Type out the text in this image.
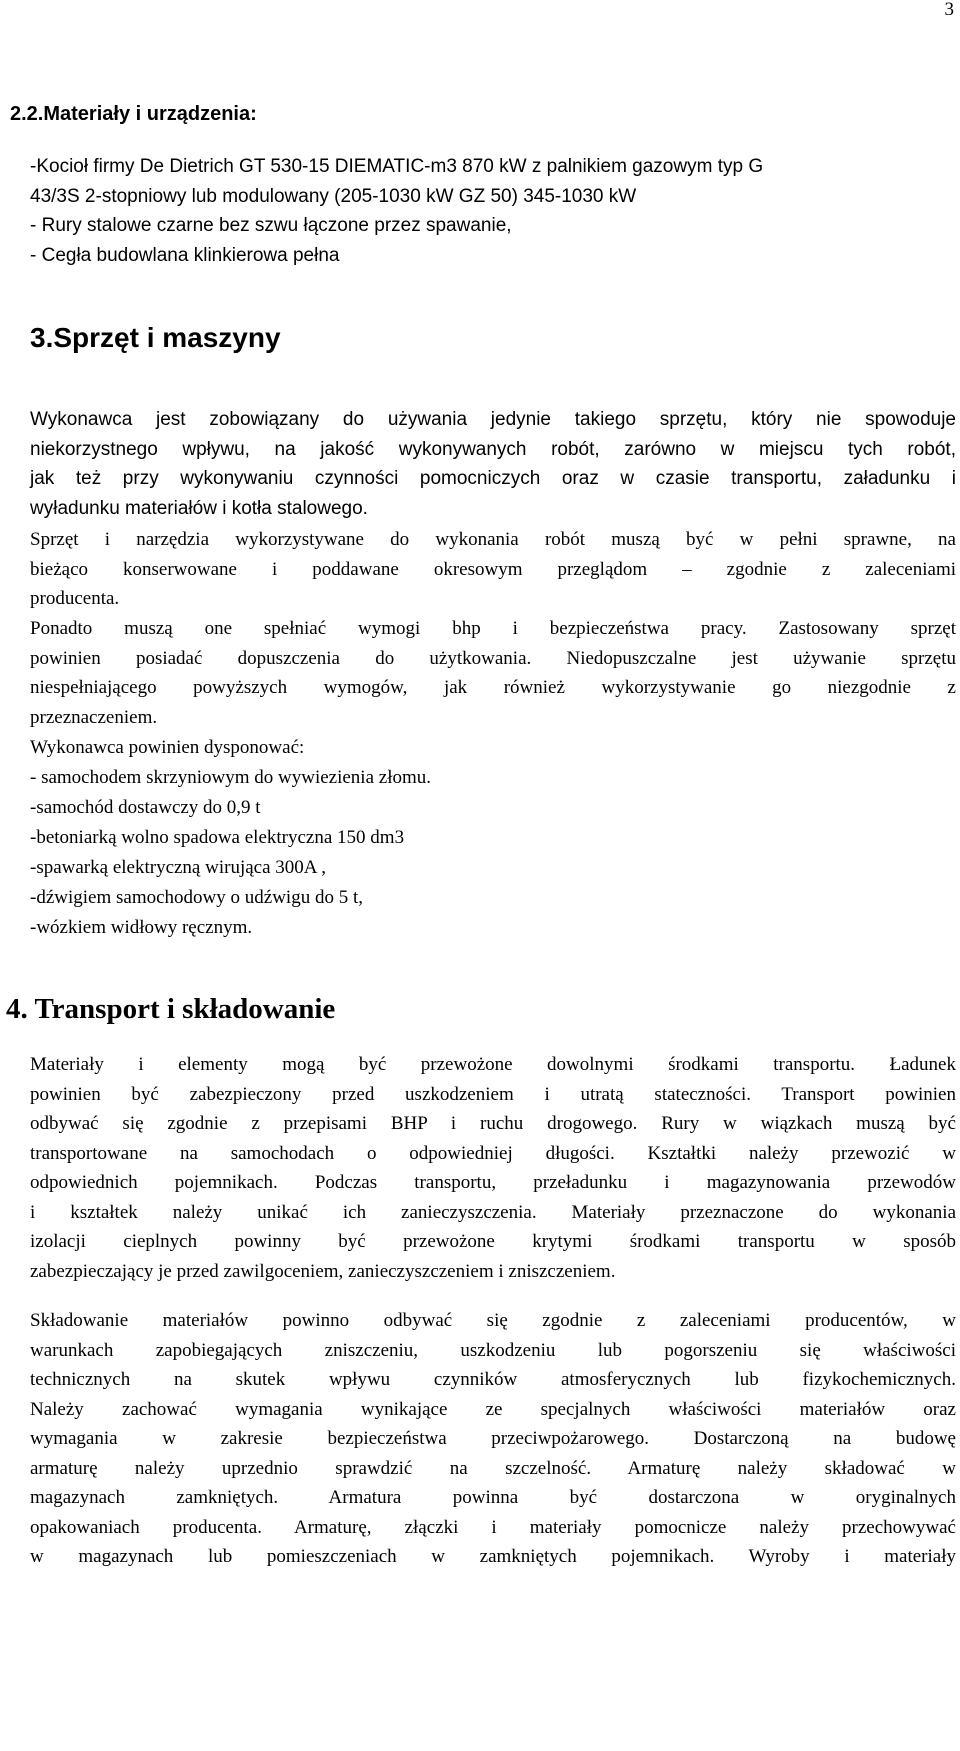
3
2.2.Materiały i urządzenia:
-Kocioł firmy De Dietrich GT 530-15 DIEMATIC-m3 870 kW z palnikiem gazowym typ G
43/3S 2-stopniowy lub modulowany (205-1030 kW GZ 50) 345-1030 kW
- Rury stalowe czarne bez szwu łączone przez spawanie,
- Cegła budowlana klinkierowa pełna
3.Sprzęt i maszyny
Wykonawca jest zobowiązany do używania jedynie takiego sprzętu, który nie spowoduje
niekorzystnego wpływu, na jakość wykonywanych robót, zarówno w miejscu tych robót,
jak też przy wykonywaniu czynności pomocniczych oraz w czasie transportu, załadunku i
wyładunku materiałów i kotła stalowego.
Sprzęt i narzędzia wykorzystywane do wykonania robót muszą być w pełni sprawne, na
bieżąco konserwowane i poddawane okresowym przeglądom – zgodnie z zaleceniami
producenta.
Ponadto muszą one spełniać wymogi bhp i bezpieczeństwa pracy. Zastosowany sprzęt
powinien posiadać dopuszczenia do użytkowania. Niedopuszczalne jest używanie sprzętu
niespełniającego powyższych wymogów, jak również wykorzystywanie go niezgodnie z
przeznaczeniem.
Wykonawca powinien dysponować:
- samochodem skrzyniowym do wywiezienia złomu.
-samochód dostawczy do 0,9 t
-betoniarką wolno spadowa elektryczna 150 dm3
-spawarką elektryczną wirująca 300A ,
-dźwigiem samochodowy o udźwigu do 5 t,
-wózkiem widłowy ręcznym.
4. Transport i składowanie
Materiały i elementy mogą być przewożone dowolnymi środkami transportu. Ładunek
powinien być zabezpieczony przed uszkodzeniem i utratą stateczności. Transport powinien
odbywać się zgodnie z przepisami BHP i ruchu drogowego. Rury w wiązkach muszą być
transportowane na samochodach o odpowiedniej długości. Kształtki należy przewozić w
odpowiednich pojemnikach. Podczas transportu, przeładunku i magazynowania przewodów
i kształtek należy unikać ich zanieczyszczenia. Materiały przeznaczone do wykonania
izolacji cieplnych powinny być przewożone krytymi środkami transportu w sposób
zabezpieczający je przed zawilgoceniem, zanieczyszczeniem i zniszczeniem.
Składowanie materiałów powinno odbywać się zgodnie z zaleceniami producentów, w
warunkach zapobiegających zniszczeniu, uszkodzeniu lub pogorszeniu się właściwości
technicznych na skutek wpływu czynników atmosferycznych lub fizykochemicznych.
Należy zachować wymagania wynikające ze specjalnych właściwości materiałów oraz
wymagania w zakresie bezpieczeństwa przeciwpożarowego. Dostarczoną na budowę
armaturę należy uprzednio sprawdzić na szczelność. Armaturę należy składować w
magazynach zamkniętych. Armatura powinna być dostarczona w oryginalnych
opakowaniach producenta. Armaturę, złączki i materiały pomocnicze należy przechowywać
w magazynach lub pomieszczeniach w zamkniętych pojemnikach. Wyroby i materiały
